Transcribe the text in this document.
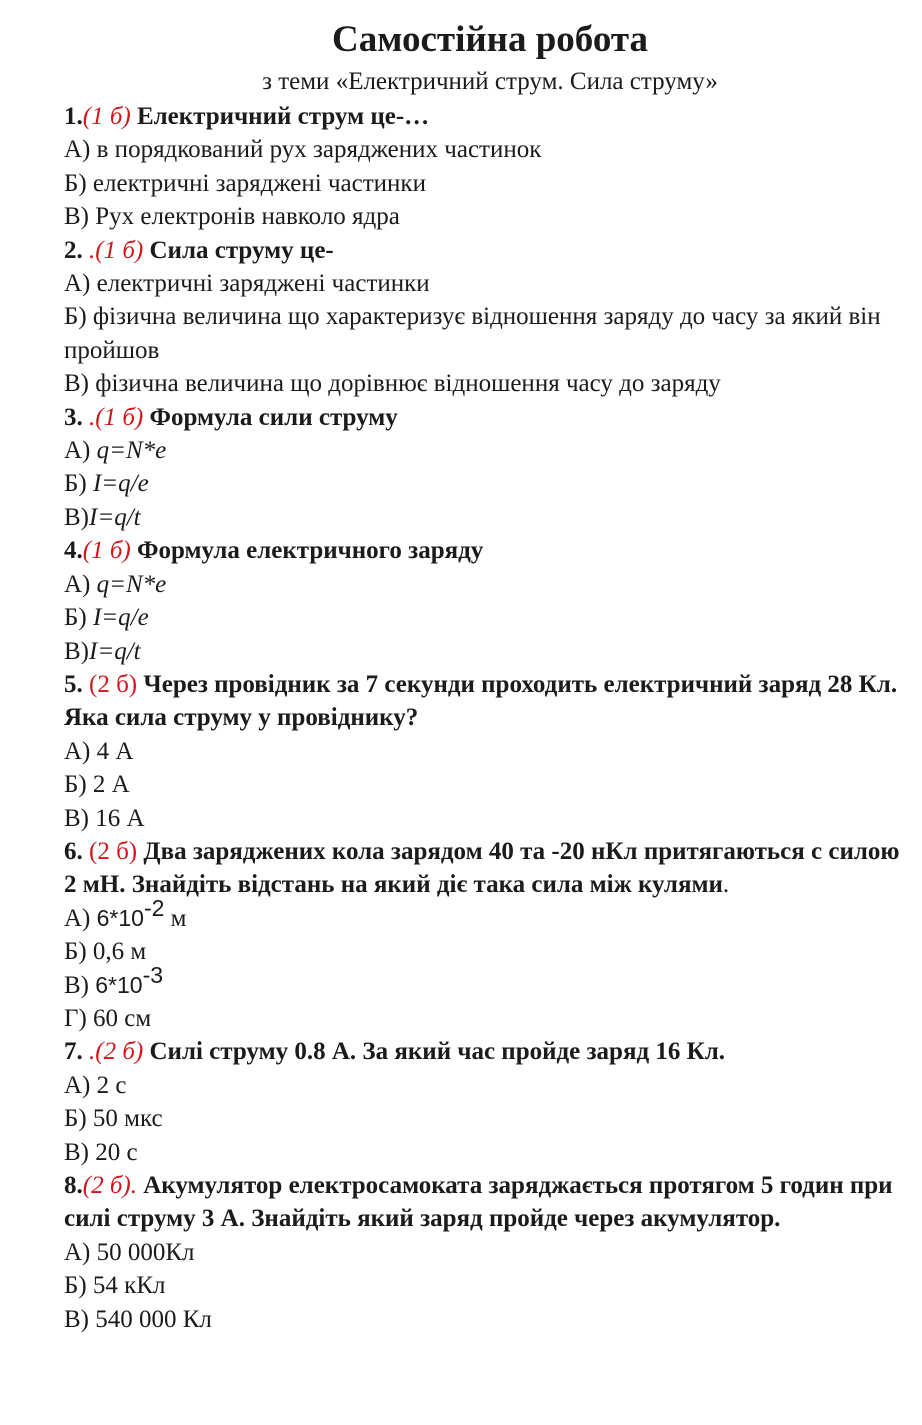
Самостійна робота
з теми «Електричний струм. Сила струму»
1.(1 б) Електричний струм це-…
А) в порядкований рух заряджених частинок
Б) електричні заряджені частинки
В) Рух електронів навколо ядра
2. .(1 б) Сила струму це-
А) електричні заряджені частинки
Б) фізична величина що характеризує відношення заряду до часу за який він
пройшов
В) фізична величина що дорівнює відношення часу до заряду
3. .(1 б) Формула сили струму
А) q=N*e
Б) I=q/e
В)I=q/t
4.(1 б) Формула електричного заряду
А) q=N*e
Б) I=q/e
В)I=q/t
5. (2 б) Через провідник за 7 секунди проходить електричний заряд 28 Кл. Яка сила струму у провіднику?
А) 4 А
Б) 2 А
В) 16 А
6. (2 б) Два заряджених кола зарядом 40 та -20 нКл притягаються с силою 2 мН. Знайдіть відстань на який діє така сила між кулями.
А) $6*10^{-2}$ м
Б) 0,6 м
В) $6*10^{-3}$
Г) 60 см
7. .(2 б) Силі струму 0.8 А. За який час пройде заряд 16 Кл.
А) 2 с
Б) 50 мкс
В) 20 с
8.(2 б). Акумулятор електросамоката заряджається протягом 5 годин при силі струму 3 А. Знайдіть який заряд пройде через акумулятор.
А) 50 000Кл
Б) 54 кКл
В) 540 000 Кл
